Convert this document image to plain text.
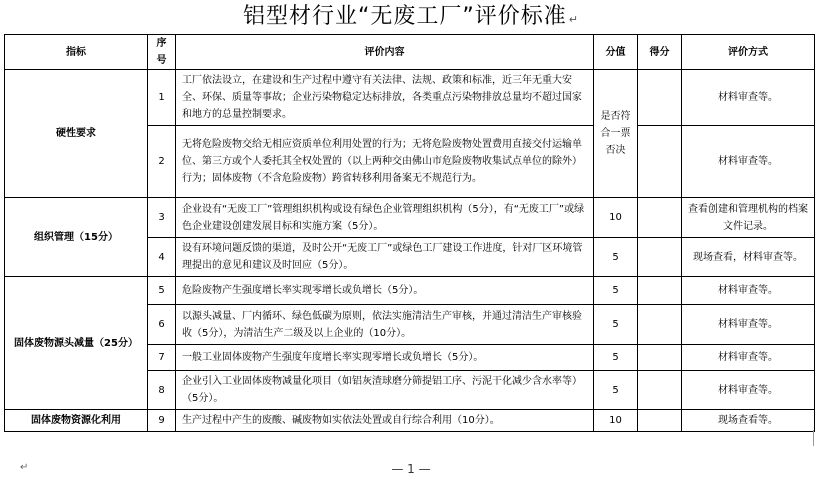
铝型材行业“无废工厂”评价标准 ↵
指标	序号	评价内容	分值	得分	评价方式
硬性要求	1	工厂依法设立，在建设和生产过程中遵守有关法律、法规、政策和标准，近三年无重大安全、环保、质量等事故；企业污染物稳定达标排放，各类重点污染物排放总量均不超过国家和地方的总量控制要求。	是否符合一票否决		材料审查等。
	2	无将危险废物交给无相应资质单位利用处置的行为；无将危险废物处置费用直接交付运输单位、第三方或个人委托其全权处置的（以上两种交由佛山市危险废物收集试点单位的除外）行为；固体废物（不含危险废物）跨省转移利用备案无不规范行为。			材料审查等。
组织管理（15分）	3	企业设有“无废工厂”管理组织机构或设有绿色企业管理组织机构（5分），有“无废工厂”或绿色企业建设创建发展目标和实施方案（5分）。	10		查看创建和管理机构的档案文件记录。
	4	设有环境问题反馈的渠道，及时公开“无废工厂”或绿色工厂建设工作进度，针对厂区环境管理提出的意见和建议及时回应（5分）。	5		现场查看，材料审查等。
固体废物源头减量（25分）	5	危险废物产生强度增长率实现零增长或负增长（5分）。	5		材料审查等。
	6	以源头减量、厂内循环、绿色低碳为原则，依法实施清洁生产审核，并通过清洁生产审核验收（5分），为清洁生产二级及以上企业的（10分）。	5		材料审查等。
	7	一般工业固体废物产生强度年度增长率实现零增长或负增长（5分）。	5		材料审查等。
	8	企业引入工业固体废物减量化项目（如铝灰渣球磨分筛提铝工序、污泥干化减少含水率等）（5分）。	5		材料审查等。
固体废物资源化利用	9	生产过程中产生的废酸、碱废物如实依法处置或自行综合利用（10分）。	10		现场查看等。
↵	— 1 —
